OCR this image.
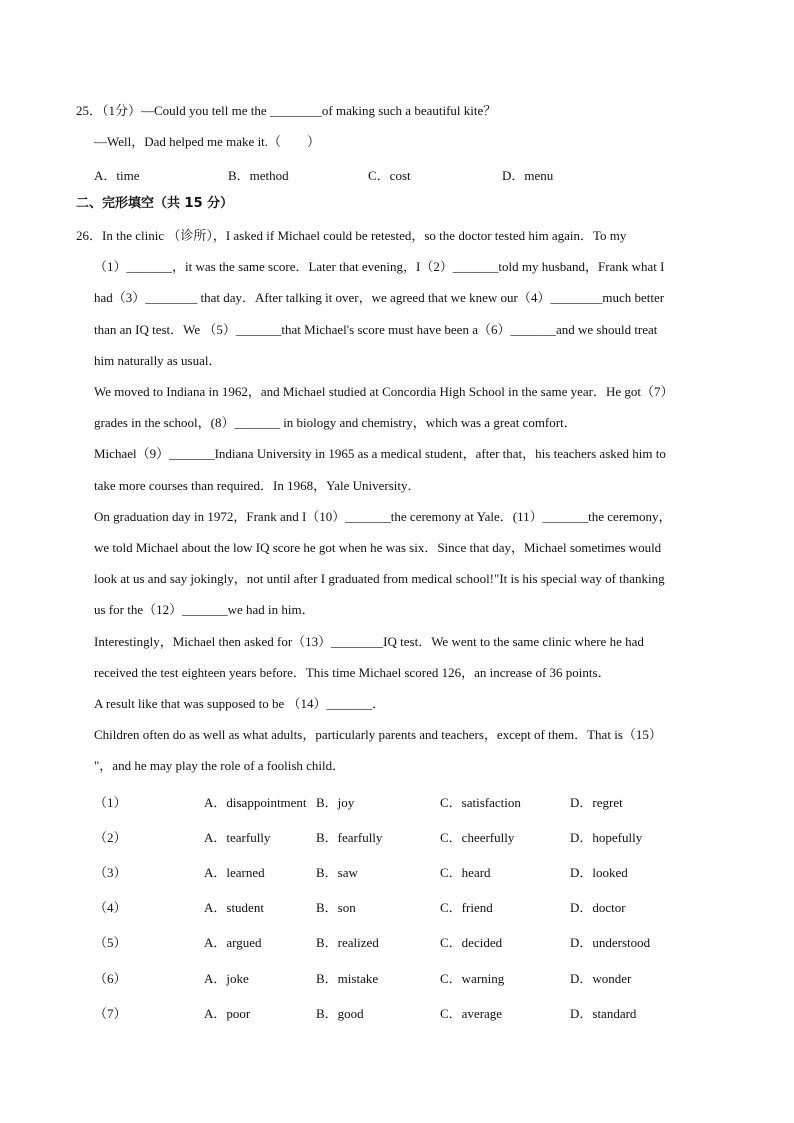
25．（1分）—Could you tell me the ________of making such a beautiful kite？
—Well，Dad helped me make it.（　　）
A．time	B．method	C．cost	D．menu
二、完形填空（共 15 分）
26．In the clinic （诊所），I asked if Michael could be retested，so the doctor tested him again．To my
（1）_______，it was the same score．Later that evening，I（2）_______told my husband，Frank what I
had（3）________ that day．After talking it over，we agreed that we knew our（4）________much better
than an IQ test．We （5）_______that Michael's score must have been a（6）_______and we should treat
him naturally as usual．
We moved to Indiana in 1962，and Michael studied at Concordia High School in the same year．He got（7）
grades in the school，(8）_______ in biology and chemistry，which was a great comfort．
Michael（9）_______Indiana University in 1965 as a medical student，after that，his teachers asked him to
take more courses than required．In 1968，Yale University．
On graduation day in 1972，Frank and I（10）_______the ceremony at Yale．(11）_______the ceremony，
we told Michael about the low IQ score he got when he was six．Since that day，Michael sometimes would
look at us and say jokingly，not until after I graduated from medical school!"It is his special way of thanking
us for the（12）_______we had in him．
Interestingly，Michael then asked for（13）________IQ test．We went to the same clinic where he had
received the test eighteen years before．This time Michael scored 126，an increase of 36 points．
A result like that was supposed to be （14）_______．
Children often do as well as what adults，particularly parents and teachers，except of them．That is（15）
"，and he may play the role of a foolish child．
（1）	A．disappointment B．joy	C．satisfaction	D．regret
（2）	A．tearfully	B．fearfully	C．cheerfully	D．hopefully
（3）	A．learned	B．saw	C．heard	D．looked
（4）	A．student	B．son	C．friend	D．doctor
（5）	A．argued	B．realized	C．decided	D．understood
（6）	A．joke	B．mistake	C．warning	D．wonder
（7）	A．poor	B．good	C．average	D．standard
